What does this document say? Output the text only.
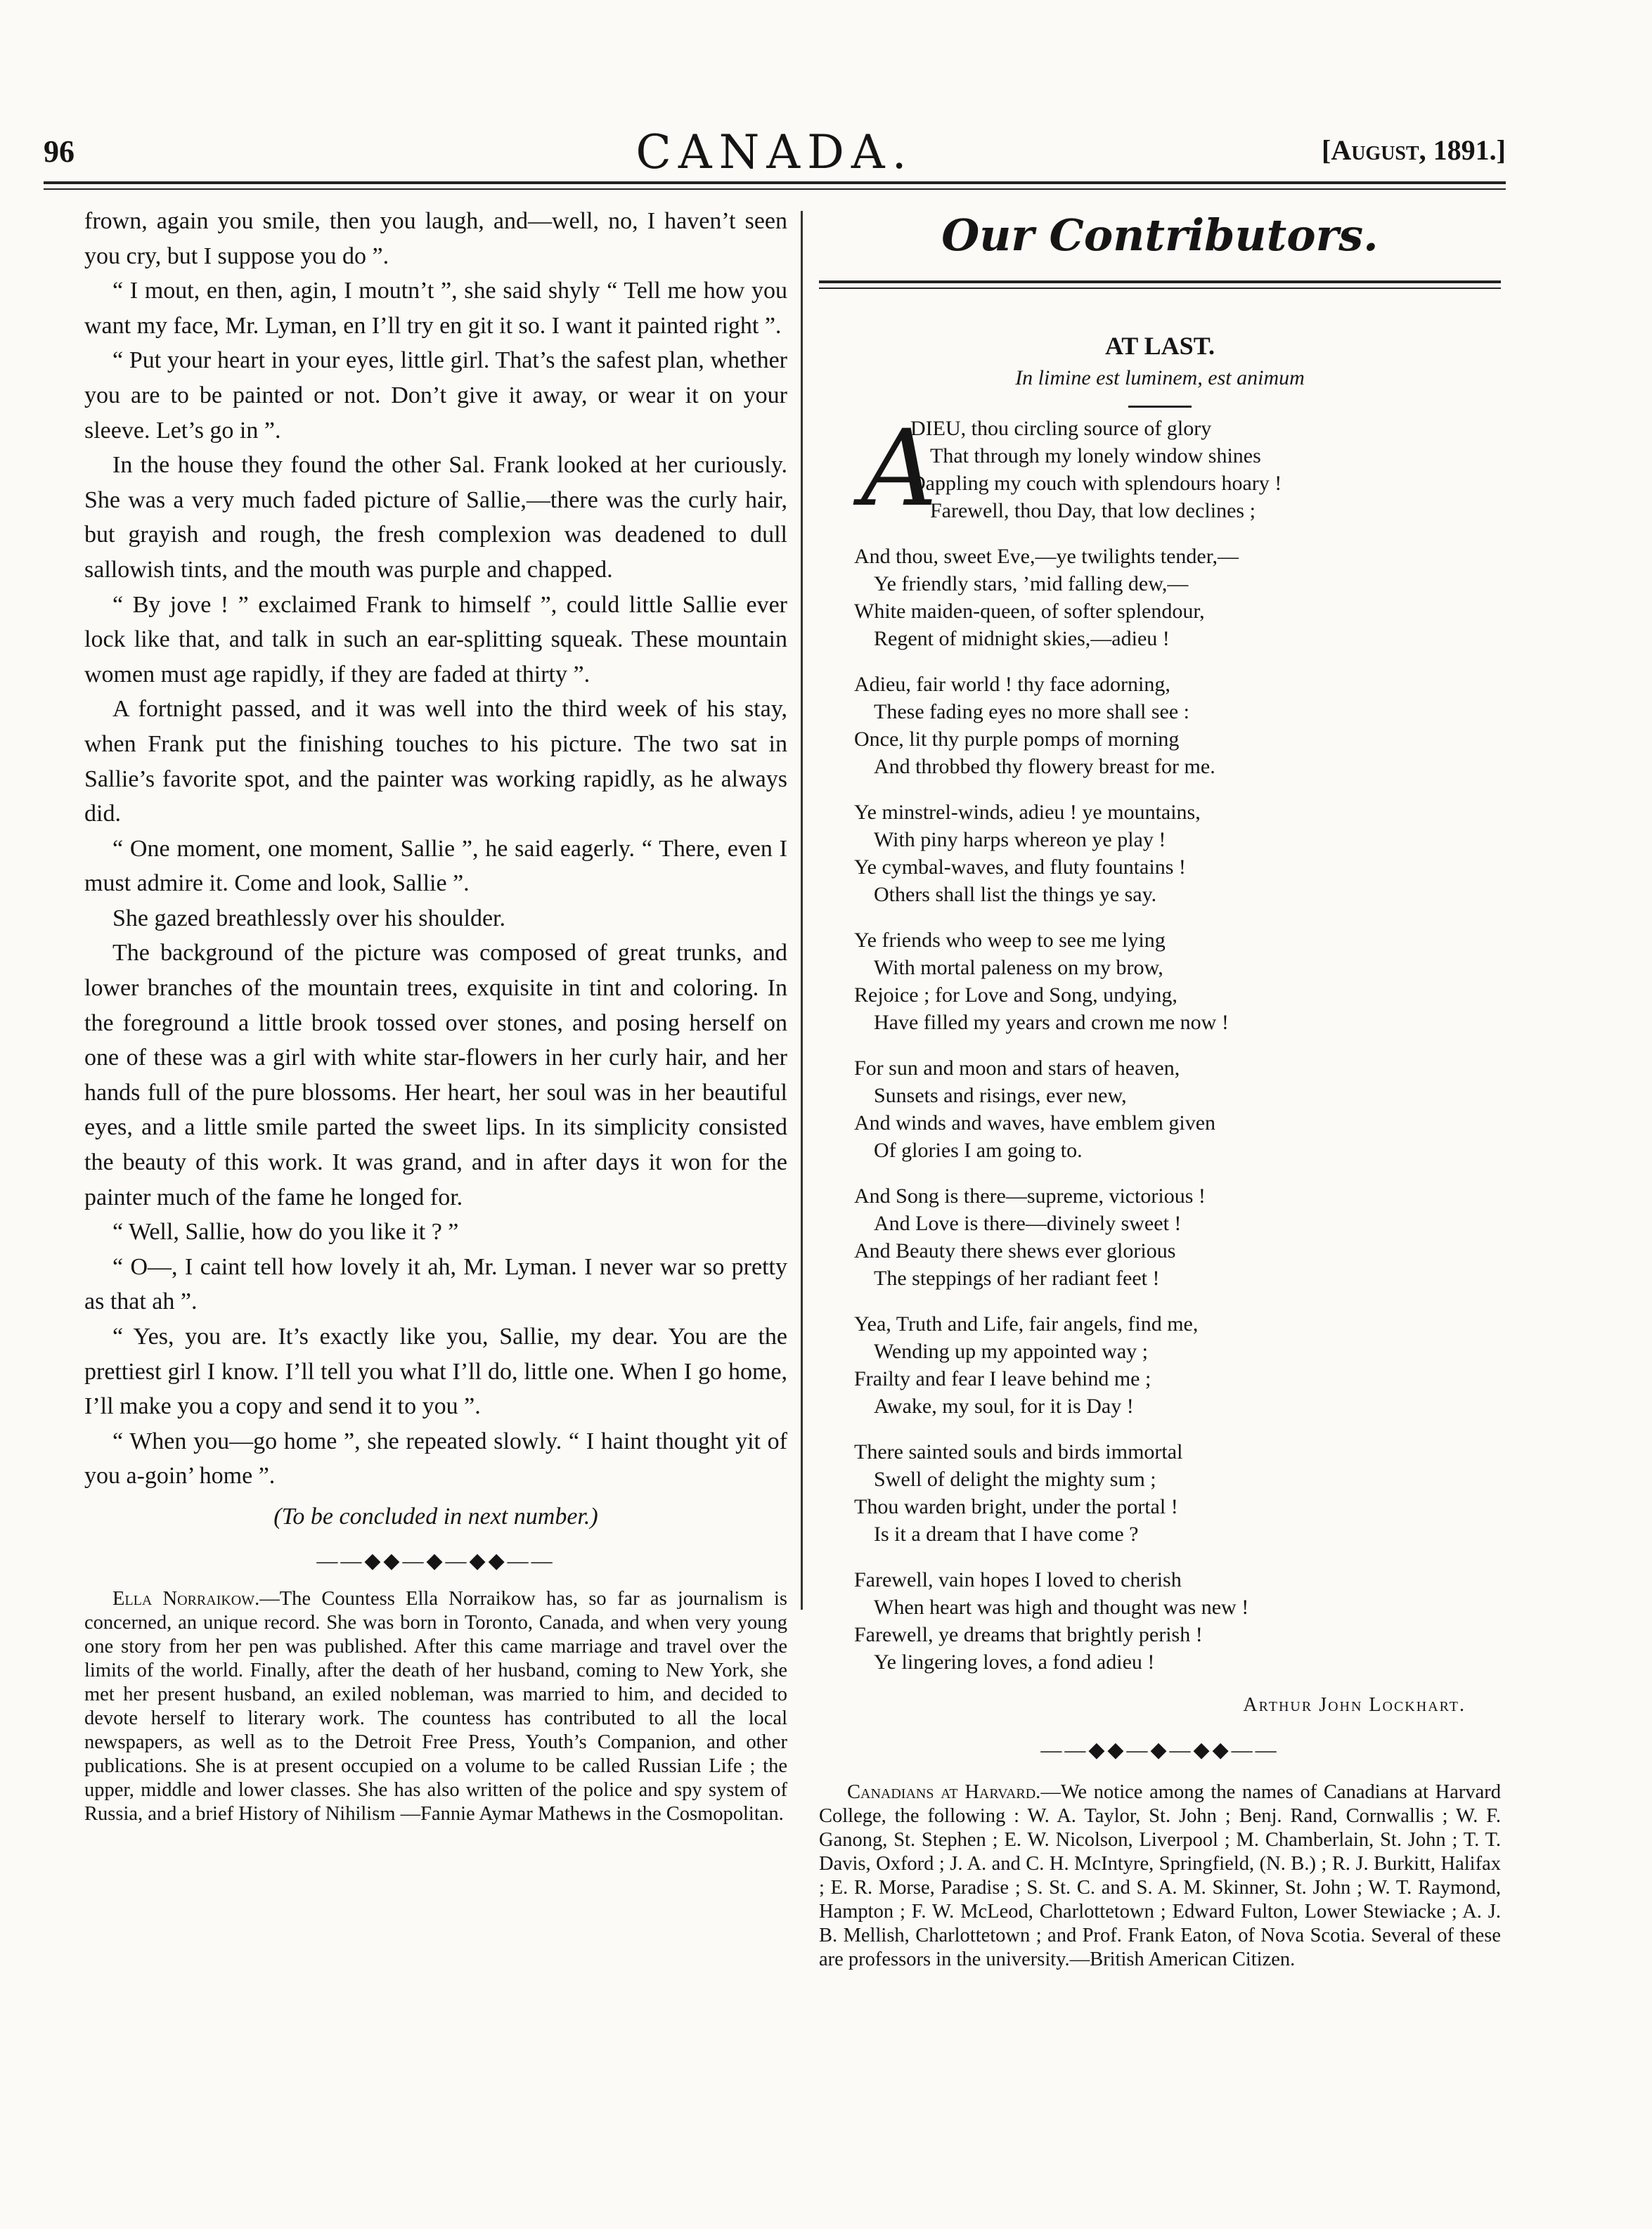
96	CANADA.	[August, 1891.]

frown, again you smile, then you laugh, and—well, no, I haven’t seen you cry, but I suppose you do ”.

“ I mout, en then, agin, I moutn’t ”, she said shyly “ Tell me how you want my face, Mr. Lyman, en I’ll try en git it so. I want it painted right ”.

“ Put your heart in your eyes, little girl. That’s the safest plan, whether you are to be painted or not. Don’t give it away, or wear it on your sleeve. Let’s go in ”.

In the house they found the other Sal. Frank looked at her curiously. She was a very much faded picture of Sallie,—there was the curly hair, but grayish and rough, the fresh complexion was deadened to dull sallowish tints, and the mouth was purple and chapped.

“ By jove ! ” exclaimed Frank to himself ”, could little Sallie ever lock like that, and talk in such an ear-splitting squeak. These mountain women must age rapidly, if they are faded at thirty ”.

A fortnight passed, and it was well into the third week of his stay, when Frank put the finishing touches to his picture. The two sat in Sallie’s favorite spot, and the painter was working rapidly, as he always did.

“ One moment, one moment, Sallie ”, he said eagerly. “ There, even I must admire it. Come and look, Sallie ”.

She gazed breathlessly over his shoulder.

The background of the picture was composed of great trunks, and lower branches of the mountain trees, exquisite in tint and coloring. In the foreground a little brook tossed over stones, and posing herself on one of these was a girl with white star-flowers in her curly hair, and her hands full of the pure blossoms. Her heart, her soul was in her beautiful eyes, and a little smile parted the sweet lips. In its simplicity consisted the beauty of this work. It was grand, and in after days it won for the painter much of the fame he longed for.

“ Well, Sallie, how do you like it ? ”

“ O—, I caint tell how lovely it ah, Mr. Lyman. I never war so pretty as that ah ”.

“ Yes, you are. It’s exactly like you, Sallie, my dear. You are the prettiest girl I know. I’ll tell you what I’ll do, little one. When I go home, I’ll make you a copy and send it to you ”.

“ When you—go home ”, she repeated slowly. “ I haint thought yit of you a-goin’ home ”.

(To be concluded in next number.)

——◆◆—◆—◆◆——

Ella Norraikow.—The Countess Ella Norraikow has, so far as journalism is concerned, an unique record. She was born in Toronto, Canada, and when very young one story from her pen was published. After this came marriage and travel over the limits of the world. Finally, after the death of her husband, coming to New York, she met her present husband, an exiled nobleman, was married to him, and decided to devote herself to literary work. The countess has contributed to all the local newspapers, as well as to the Detroit Free Press, Youth’s Companion, and other publications. She is at present occupied on a volume to be called Russian Life ; the upper, middle and lower classes. She has also written of the police and spy system of Russia, and a brief History of Nihilism —Fannie Aymar Mathews in the Cosmopolitan.

Our Contributors.
AT LAST.
In limine est luminem, est animum
A
DIEU, thou circling source of glory
That through my lonely window shines
Dappling my couch with splendours hoary !
Farewell, thou Day, that low declines ;
And thou, sweet Eve,—ye twilights tender,—
Ye friendly stars, ’mid falling dew,—
White maiden-queen, of softer splendour,
Regent of midnight skies,—adieu !
Adieu, fair world ! thy face adorning,
These fading eyes no more shall see :
Once, lit thy purple pomps of morning
And throbbed thy flowery breast for me.
Ye minstrel-winds, adieu ! ye mountains,
With piny harps whereon ye play !
Ye cymbal-waves, and fluty fountains !
Others shall list the things ye say.
Ye friends who weep to see me lying
With mortal paleness on my brow,
Rejoice ; for Love and Song, undying,
Have filled my years and crown me now !
For sun and moon and stars of heaven,
Sunsets and risings, ever new,
And winds and waves, have emblem given
Of glories I am going to.
And Song is there—supreme, victorious !
And Love is there—divinely sweet !
And Beauty there shews ever glorious
The steppings of her radiant feet !
Yea, Truth and Life, fair angels, find me,
Wending up my appointed way ;
Frailty and fear I leave behind me ;
Awake, my soul, for it is Day !
There sainted souls and birds immortal
Swell of delight the mighty sum ;
Thou warden bright, under the portal !
Is it a dream that I have come ?
Farewell, vain hopes I loved to cherish
When heart was high and thought was new !
Farewell, ye dreams that brightly perish !
Ye lingering loves, a fond adieu !
Arthur John Lockhart.
——◆◆—◆—◆◆——

Canadians at Harvard.—We notice among the names of Canadians at Harvard College, the following : W. A. Taylor, St. John ; Benj. Rand, Cornwallis ; W. F. Ganong, St. Stephen ; E. W. Nicolson, Liverpool ; M. Chamberlain, St. John ; T. T. Davis, Oxford ; J. A. and C. H. McIntyre, Springfield, (N. B.) ; R. J. Burkitt, Halifax ; E. R. Morse, Paradise ; S. St. C. and S. A. M. Skinner, St. John ; W. T. Raymond, Hampton ; F. W. McLeod, Charlottetown ; Edward Fulton, Lower Stewiacke ; A. J. B. Mellish, Charlottetown ; and Prof. Frank Eaton, of Nova Scotia. Several of these are professors in the university.—British American Citizen.
